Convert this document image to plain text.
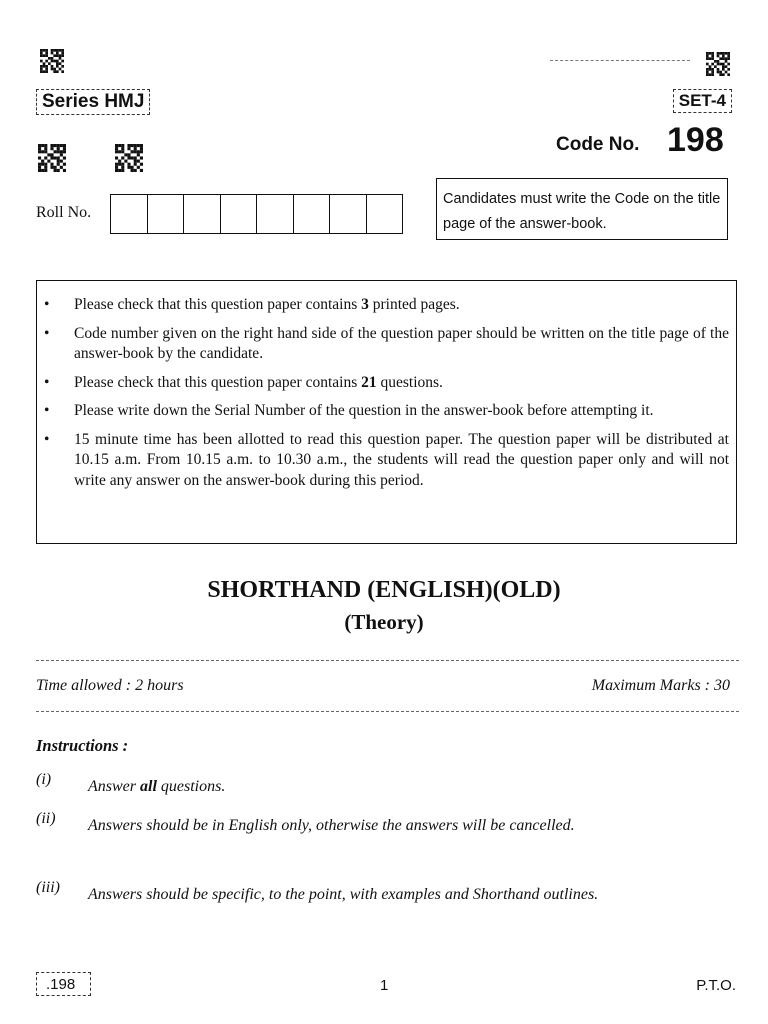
Series HMJ	SET-4
Code No. 198
Roll No.
Candidates must write the Code on the title page of the answer-book.
• Please check that this question paper contains 3 printed pages.
• Code number given on the right hand side of the question paper should be written on the title page of the answer-book by the candidate.
• Please check that this question paper contains 21 questions.
• Please write down the Serial Number of the question in the answer-book before attempting it.
• 15 minute time has been allotted to read this question paper. The question paper will be distributed at 10.15 a.m. From 10.15 a.m. to 10.30 a.m., the students will read the question paper only and will not write any answer on the answer-book during this period.
SHORTHAND (ENGLISH)(OLD)
(Theory)
Time allowed : 2 hours	Maximum Marks : 30
Instructions :
(i) Answer all questions.
(ii) Answers should be in English only, otherwise the answers will be cancelled.
(iii) Answers should be specific, to the point, with examples and Shorthand outlines.
.198	1	P.T.O.
